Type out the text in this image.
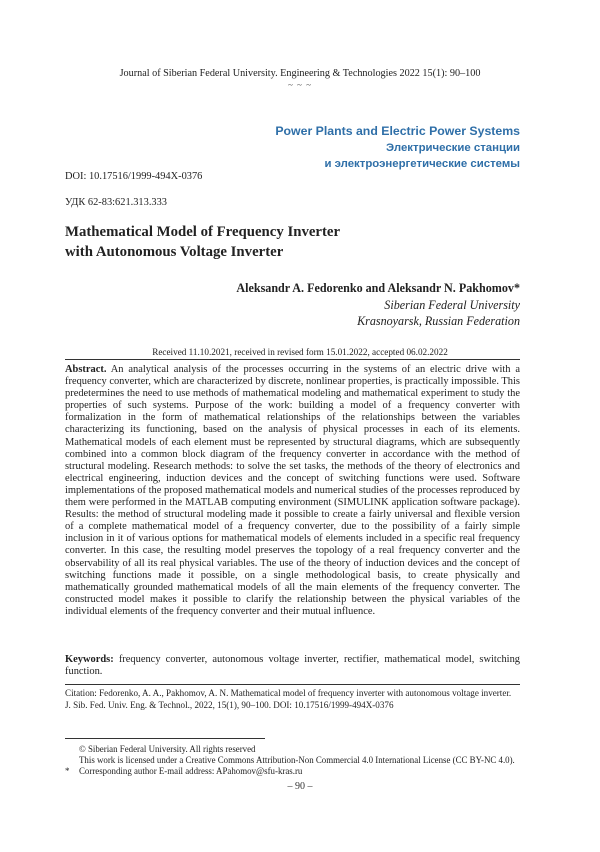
Journal of Siberian Federal University. Engineering & Technologies 2022 15(1): 90–100
~ ~ ~
Power Plants and Electric Power Systems
Электрические станции
и электроэнергетические системы
DOI: 10.17516/1999-494X-0376
УДК 62-83:621.313.333
Mathematical Model of Frequency Inverter
with Autonomous Voltage Inverter
Aleksandr A. Fedorenko and Aleksandr N. Pakhomov*
Siberian Federal University
Krasnoyarsk, Russian Federation
Received 11.10.2021, received in revised form 15.01.2022, accepted 06.02.2022
Abstract. An analytical analysis of the processes occurring in the systems of an electric drive with a frequency converter, which are characterized by discrete, nonlinear properties, is practically impossible. This predetermines the need to use methods of mathematical modeling and mathematical experiment to study the properties of such systems. Purpose of the work: building a model of a frequency converter with formalization in the form of mathematical relationships of the relationships between the variables characterizing its functioning, based on the analysis of physical processes in each of its elements. Mathematical models of each element must be represented by structural diagrams, which are subsequently combined into a common block diagram of the frequency converter in accordance with the method of structural modeling. Research methods: to solve the set tasks, the methods of the theory of electronics and electrical engineering, induction devices and the concept of switching functions were used. Software implementations of the proposed mathematical models and numerical studies of the processes reproduced by them were performed in the MATLAB computing environment (SIMULINK application software package). Results: the method of structural modeling made it possible to create a fairly universal and flexible version of a complete mathematical model of a frequency converter, due to the possibility of a fairly simple inclusion in it of various options for mathematical models of elements included in a specific real frequency converter. In this case, the resulting model preserves the topology of a real frequency converter and the observability of all its real physical variables. The use of the theory of induction devices and the concept of switching functions made it possible, on a single methodological basis, to create physically and mathematically grounded mathematical models of all the main elements of the frequency converter. The constructed model makes it possible to clarify the relationship between the physical variables of the individual elements of the frequency converter and their mutual influence.
Keywords: frequency converter, autonomous voltage inverter, rectifier, mathematical model, switching function.
Citation: Fedorenko, A. A., Pakhomov, A. N. Mathematical model of frequency inverter with autonomous voltage inverter.
J. Sib. Fed. Univ. Eng. & Technol., 2022, 15(1), 90–100. DOI: 10.17516/1999-494X-0376
© Siberian Federal University. All rights reserved
This work is licensed under a Creative Commons Attribution-Non Commercial 4.0 International License (CC BY-NC 4.0).
*	Corresponding author E-mail address: APahomov@sfu-kras.ru
– 90 –
